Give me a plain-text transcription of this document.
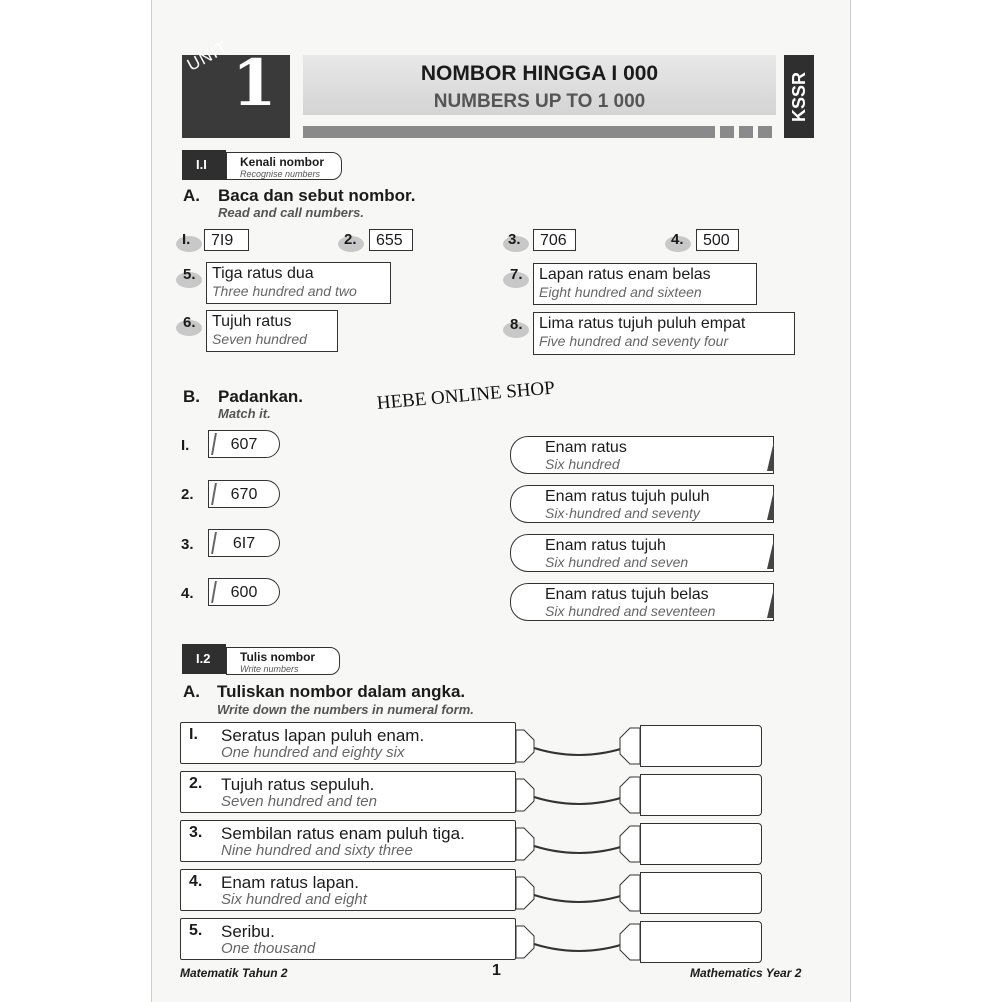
UNIT 1	NOMBOR HINGGA I 000
NUMBERS UP TO 1 000	KSSR
I.I	Kenali nombor
Recognise numbers
A. Baca dan sebut nombor.
Read and call numbers.
I.	7I9	2.	655	3.	706	4.	500
5. Tiga ratus dua
Three hundred and two
6. Tujuh ratus
Seven hundred
7. Lapan ratus enam belas
Eight hundred and sixteen
8. Lima ratus tujuh puluh empat
Five hundred and seventy four
B. Padankan.
Match it.	HEBE ONLINE SHOP
I.	607
2.	670
3.	6I7
4.	600
Enam ratus
Six hundred
Enam ratus tujuh puluh
Six·hundred and seventy
Enam ratus tujuh
Six hundred and seven
Enam ratus tujuh belas
Six hundred and seventeen
I.2	Tulis nombor
Write numbers
A. Tuliskan nombor dalam angka.
Write down the numbers in numeral form.
I. Seratus lapan puluh enam.
One hundred and eighty six
2. Tujuh ratus sepuluh.
Seven hundred and ten
3. Sembilan ratus enam puluh tiga.
Nine hundred and sixty three
4. Enam ratus lapan.
Six hundred and eight
5. Seribu.
One thousand
Matematik Tahun 2	1	Mathematics Year 2
